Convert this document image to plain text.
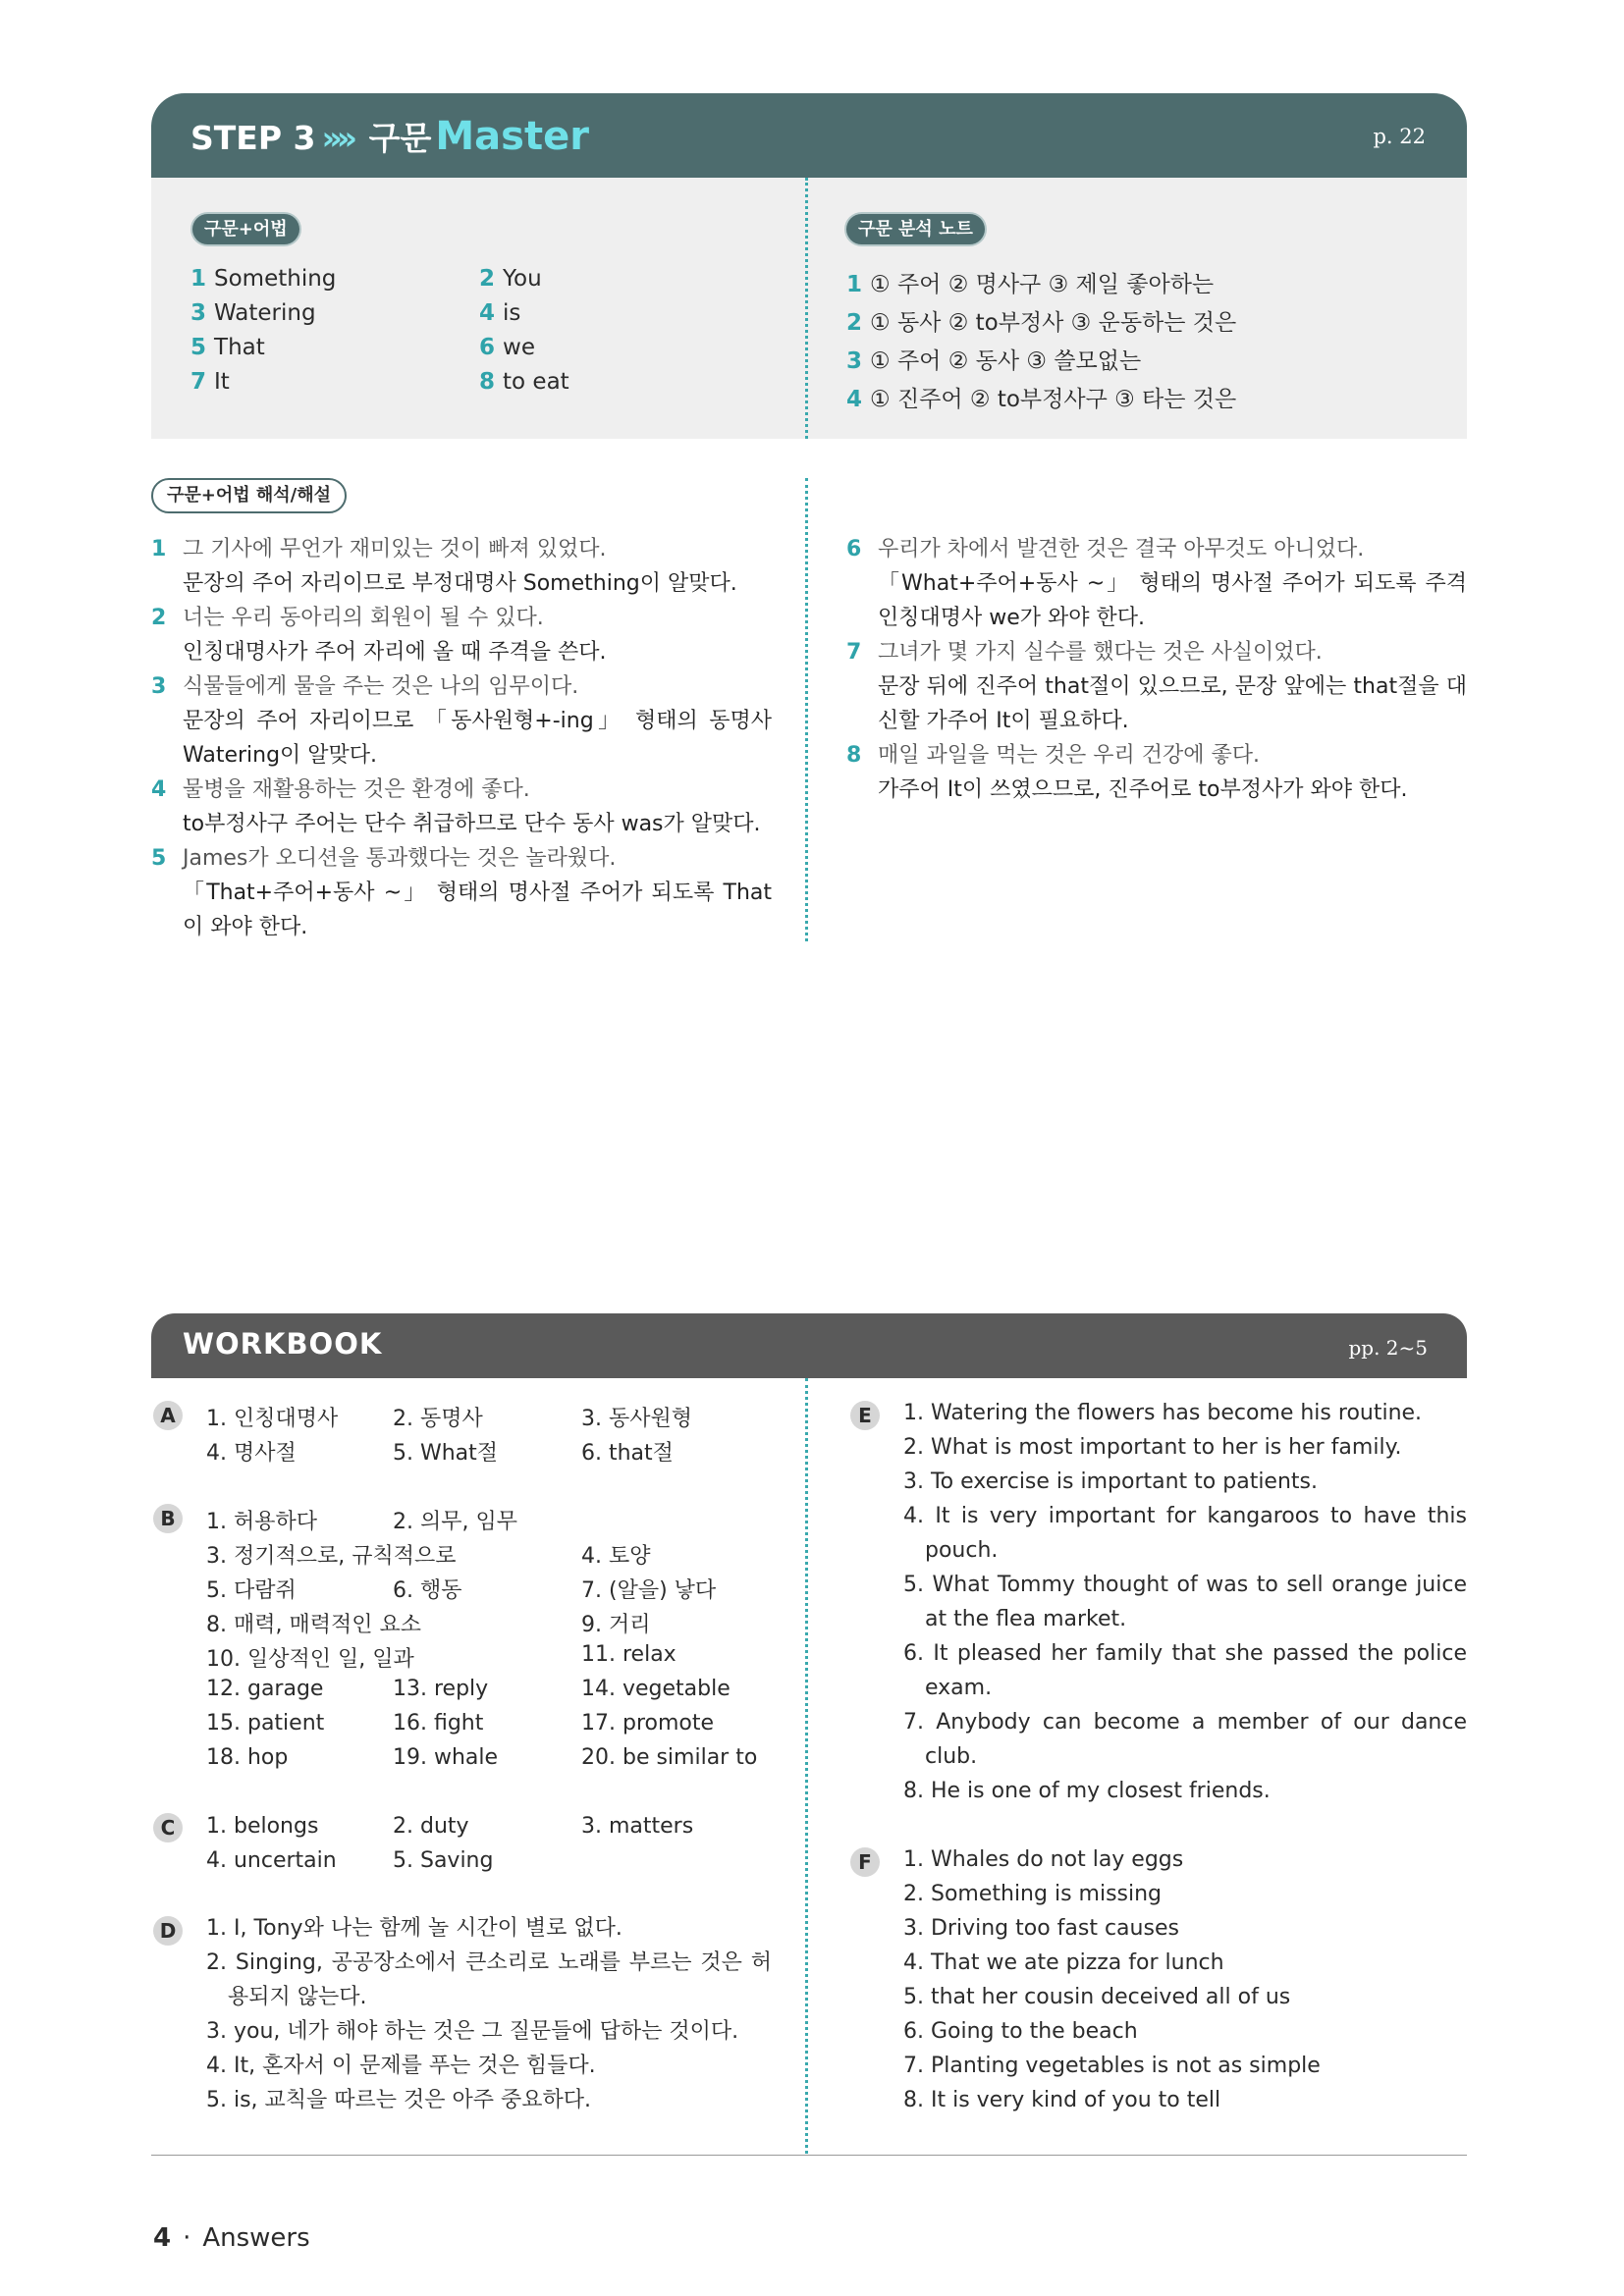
STEP 3 »» 구문 Master	p. 22
구문+어법	구문 분석 노트
1 Something	2 You
3 Watering	4 is
5 That	6 we
7 It	8 to eat
1 ① 주어 ② 명사구 ③ 제일 좋아하는
2 ① 동사 ② to부정사 ③ 운동하는 것은
3 ① 주어 ② 동사 ③ 쓸모없는
4 ① 진주어 ② to부정사구 ③ 타는 것은
구문+어법 해석/해설
1 그 기사에 무언가 재미있는 것이 빠져 있었다.
문장의 주어 자리이므로 부정대명사 Something이 알맞다.
2 너는 우리 동아리의 회원이 될 수 있다.
인칭대명사가 주어 자리에 올 때 주격을 쓴다.
3 식물들에게 물을 주는 것은 나의 임무이다.
문장의 주어 자리이므로 「동사원형+-ing」 형태의 동명사 Watering이 알맞다.
4 물병을 재활용하는 것은 환경에 좋다.
to부정사구 주어는 단수 취급하므로 단수 동사 was가 알맞다.
5 James가 오디션을 통과했다는 것은 놀라웠다.
「That+주어+동사 ~」 형태의 명사절 주어가 되도록 That이 와야 한다.
6 우리가 차에서 발견한 것은 결국 아무것도 아니었다.
「What+주어+동사 ~」 형태의 명사절 주어가 되도록 주격 인칭대명사 we가 와야 한다.
7 그녀가 몇 가지 실수를 했다는 것은 사실이었다.
문장 뒤에 진주어 that절이 있으므로, 문장 앞에는 that절을 대신할 가주어 It이 필요하다.
8 매일 과일을 먹는 것은 우리 건강에 좋다.
가주어 It이 쓰였으므로, 진주어로 to부정사가 와야 한다.
WORKBOOK	pp. 2~5
A	1. 인칭대명사	2. 동명사	3. 동사원형
4. 명사절	5. What절	6. that절
B	1. 허용하다	2. 의무, 임무
3. 정기적으로, 규칙적으로	4. 토양
5. 다람쥐	6. 행동	7. (알을) 낳다
8. 매력, 매력적인 요소	9. 거리
10. 일상적인 일, 일과	11. relax
12. garage	13. reply	14. vegetable
15. patient	16. fight	17. promote
18. hop	19. whale	20. be similar to
C	1. belongs	2. duty	3. matters
4. uncertain	5. Saving
D	1. I, Tony와 나는 함께 놀 시간이 별로 없다.
2. Singing, 공공장소에서 큰소리로 노래를 부르는 것은 허용되지 않는다.
3. you, 네가 해야 하는 것은 그 질문들에 답하는 것이다.
4. It, 혼자서 이 문제를 푸는 것은 힘들다.
5. is, 교칙을 따르는 것은 아주 중요하다.
E	1. Watering the flowers has become his routine.
2. What is most important to her is her family.
3. To exercise is important to patients.
4. It is very important for kangaroos to have this pouch.
5. What Tommy thought of was to sell orange juice at the flea market.
6. It pleased her family that she passed the police exam.
7. Anybody can become a member of our dance club.
8. He is one of my closest friends.
F	1. Whales do not lay eggs
2. Something is missing
3. Driving too fast causes
4. That we ate pizza for lunch
5. that her cousin deceived all of us
6. Going to the beach
7. Planting vegetables is not as simple
8. It is very kind of you to tell
4 · Answers
